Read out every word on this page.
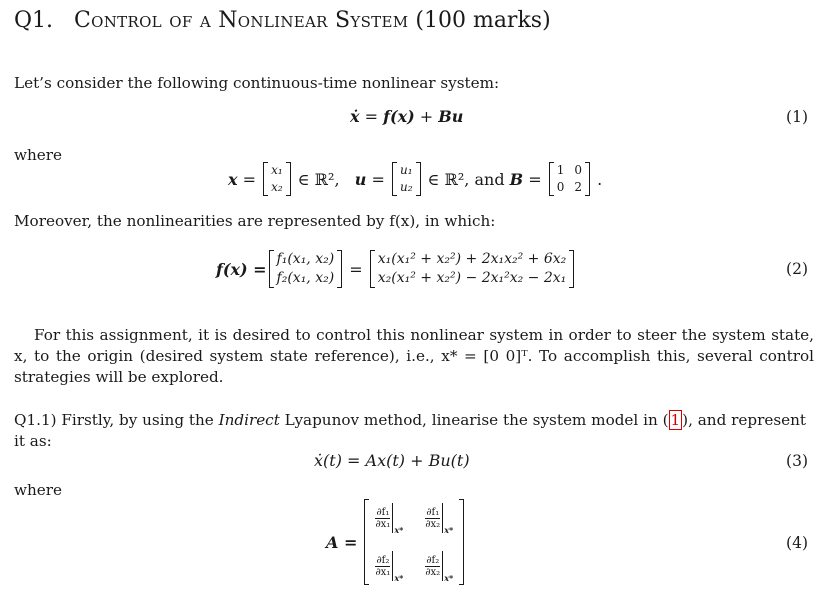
Q1. Control of a Nonlinear System (100 marks)
Let’s consider the following continuous-time nonlinear system:
ẋ = f(x) + Bu	(1)
where
x = x₁
x₂
∈ ℝ²,
u = u₁
u₂
∈ ℝ², and
B = 1 0
0 2 .
Moreover, the nonlinearities are represented by f(x), in which:
f(x) =
f₁(x₁, x₂)
f₂(x₁, x₂) =
x₁(x₁² + x₂²) + 2x₁x₂² + 6x₂
x₂(x₁² + x₂²) − 2x₁²x₂ − 2x₁	(2)
For this assignment, it is desired to control this nonlinear system in order to steer the system state, x, to the origin (desired system state reference), i.e., x* = [0 0]ᵀ. To accomplish this, several control strategies will be explored.
Q1.1) Firstly, by using the Indirect Lyapunov method, linearise the system model in ( 1 ), and represent it as:
ẋ(t) = Ax(t) + Bu(t)	(3)
where
A =

$\frac{\text{∂f₁}}{\text{∂x₁}} _{x*} \frac{\text{∂f₁}}{\text{∂x₂}} _{x*}$
$\frac{\text{∂f₂}}{\text{∂x₁}} _{x*} \frac{\text{∂f₂}}{\text{∂x₂}} _{x*}$
(4)
